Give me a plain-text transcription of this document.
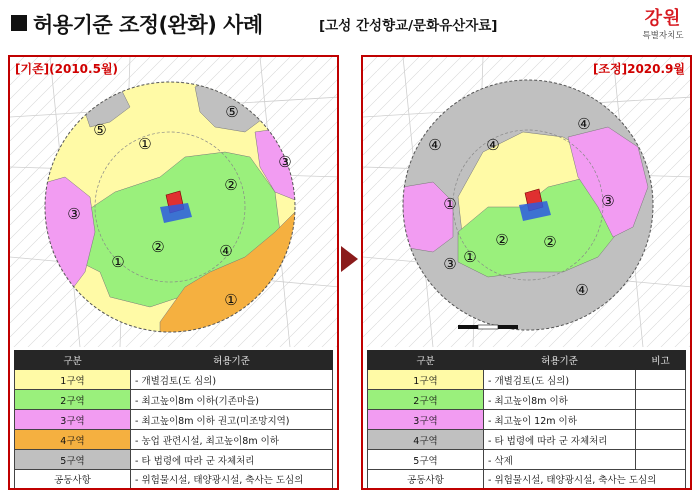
허용기준 조정(완화) 사례	[고성 간성향교/문화유산자료]	강원
특별자치도
⑤
⑤
①
③
②
③
②	④
①
①
[기존](2010.5월)
구분	허용기준
1구역	- 개별검토(도 심의)
2구역	- 최고높이8m 이하(기존마을)
3구역	- 최고높이8m 이하 권고(미조망지역)
4구역	- 농업 관련시설, 최고높이8m 이하
5구역	- 타 법령에 따라 군 자체처리
공동사항	- 위험물시설, 태양광시설, 축사는 도심의
④
④	④
③
①
②
③
②
①
④
[조정]2020.9월
구분	허용기준	비고
1구역	- 개별검토(도 심의)	
2구역	- 최고높이8m 이하	
3구역	- 최고높이 12m 이하	
4구역	- 타 법령에 따라 군 자체처리	
5구역	- 삭제	
공동사항	- 위험물시설, 태양광시설, 축사는 도심의	
